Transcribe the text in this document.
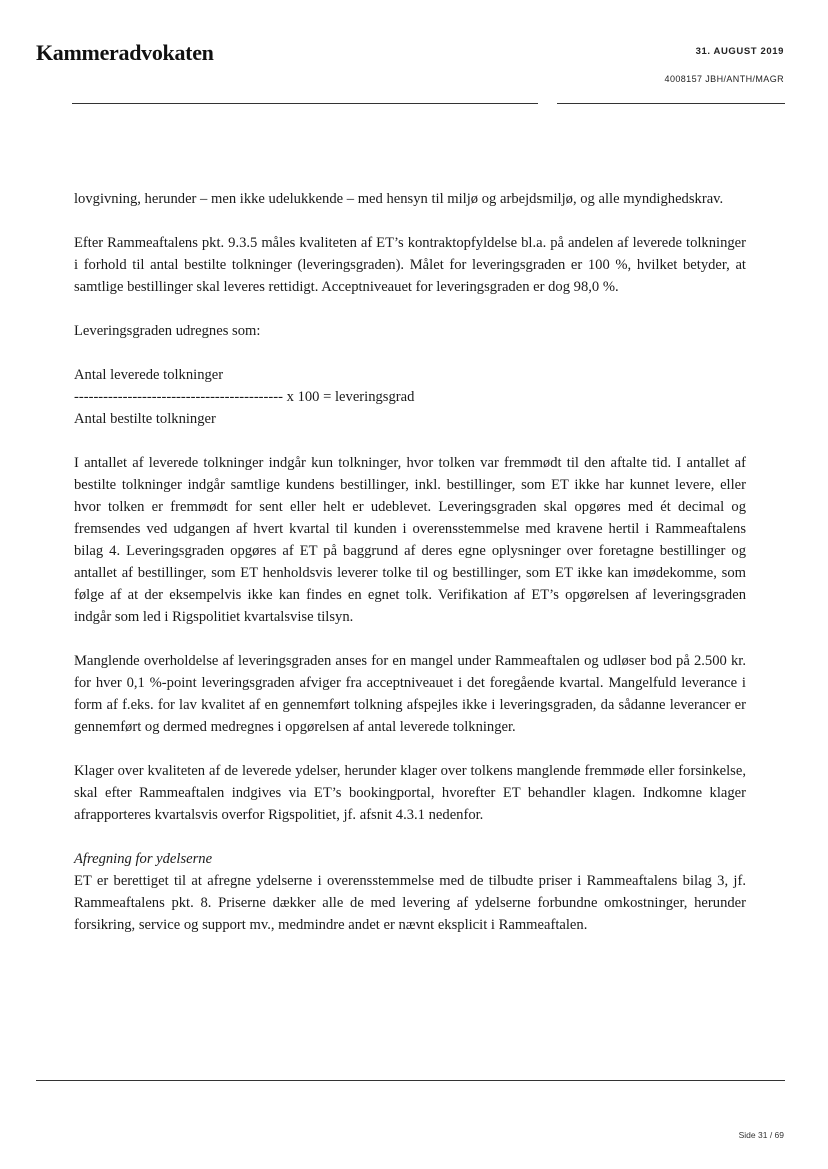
Kammeradvokaten	31. AUGUST 2019
4008157 JBH/ANTH/MAGR

lovgivning, herunder – men ikke udelukkende – med hensyn til miljø og arbejdsmiljø, og alle myndighedskrav.

Efter Rammeaftalens pkt. 9.3.5 måles kvaliteten af ET’s kontraktopfyldelse bl.a. på andelen af leverede tolkninger i forhold til antal bestilte tolkninger (leveringsgraden). Målet for leveringsgraden er 100 %, hvilket betyder, at samtlige bestillinger skal leveres rettidigt. Acceptniveauet for leveringsgraden er dog 98,0 %.

Leveringsgraden udregnes som:

Antal leverede tolkninger
------------------------------------------- x 100 = leveringsgrad
Antal bestilte tolkninger

I antallet af leverede tolkninger indgår kun tolkninger, hvor tolken var fremmødt til den aftalte tid. I antallet af bestilte tolkninger indgår samtlige kundens bestillinger, inkl. bestillinger, som ET ikke har kunnet levere, eller hvor tolken er fremmødt for sent eller helt er udeblevet. Leveringsgraden skal opgøres med ét decimal og fremsendes ved udgangen af hvert kvartal til kunden i overensstemmelse med kravene hertil i Rammeaftalens bilag 4. Leveringsgraden opgøres af ET på baggrund af deres egne oplysninger over foretagne bestillinger og antallet af bestillinger, som ET henholdsvis leverer tolke til og bestillinger, som ET ikke kan imødekomme, som følge af at der eksempelvis ikke kan findes en egnet tolk. Verifikation af ET’s opgørelsen af leveringsgraden indgår som led i Rigspolitiet kvartalsvise tilsyn.

Manglende overholdelse af leveringsgraden anses for en mangel under Rammeaftalen og udløser bod på 2.500 kr. for hver 0,1 %-point leveringsgraden afviger fra acceptniveauet i det foregående kvartal. Mangelfuld leverance i form af f.eks. for lav kvalitet af en gennemført tolkning afspejles ikke i leveringsgraden, da sådanne leverancer er gennemført og dermed medregnes i opgørelsen af antal leverede tolkninger.

Klager over kvaliteten af de leverede ydelser, herunder klager over tolkens manglende fremmøde eller forsinkelse, skal efter Rammeaftalen indgives via ET’s bookingportal, hvorefter ET behandler klagen. Indkomne klager afrapporteres kvartalsvis overfor Rigspolitiet, jf. afsnit 4.3.1 nedenfor.

Afregning for ydelserne

ET er berettiget til at afregne ydelserne i overensstemmelse med de tilbudte priser i Rammeaftalens bilag 3, jf. Rammeaftalens pkt. 8. Priserne dækker alle de med levering af ydelserne forbundne omkostninger, herunder forsikring, service og support mv., medmindre andet er nævnt eksplicit i Rammeaftalen.

Side 31 / 69
